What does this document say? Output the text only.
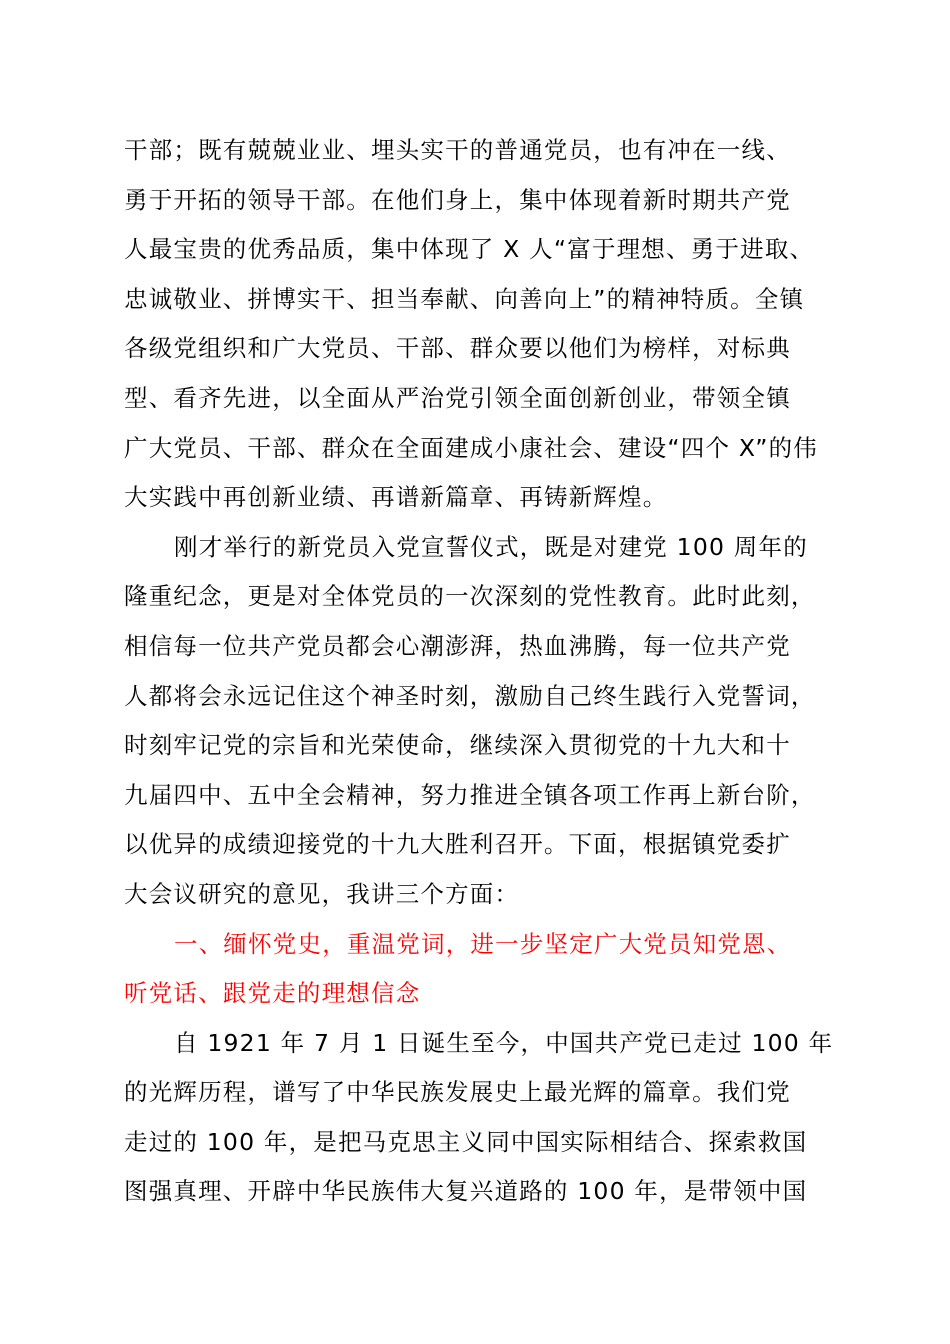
干部；既有兢兢业业、埋头实干的普通党员，也有冲在一线、
勇于开拓的领导干部。在他们身上，集中体现着新时期共产党
人最宝贵的优秀品质，集中体现了 X 人“富于理想、勇于进取、
忠诚敬业、拼博实干、担当奉献、向善向上”的精神特质。全镇
各级党组织和广大党员、干部、群众要以他们为榜样，对标典
型、看齐先进，以全面从严治党引领全面创新创业，带领全镇
广大党员、干部、群众在全面建成小康社会、建设“四个 X”的伟
大实践中再创新业绩、再谱新篇章、再铸新辉煌。
刚才举行的新党员入党宣誓仪式，既是对建党 100 周年的
隆重纪念，更是对全体党员的一次深刻的党性教育。此时此刻，
相信每一位共产党员都会心潮澎湃，热血沸腾，每一位共产党
人都将会永远记住这个神圣时刻，激励自己终生践行入党誓词，
时刻牢记党的宗旨和光荣使命，继续深入贯彻党的十九大和十
九届四中、五中全会精神，努力推进全镇各项工作再上新台阶，
以优异的成绩迎接党的十九大胜利召开。下面，根据镇党委扩
大会议研究的意见，我讲三个方面：
一、缅怀党史，重温党词，进一步坚定广大党员知党恩、
听党话、跟党走的理想信念
自 1921 年 7 月 1 日诞生至今，中国共产党已走过 100 年
的光辉历程，谱写了中华民族发展史上最光辉的篇章。我们党
走过的 100 年，是把马克思主义同中国实际相结合、探索救国
图强真理、开辟中华民族伟大复兴道路的 100 年，是带领中国
